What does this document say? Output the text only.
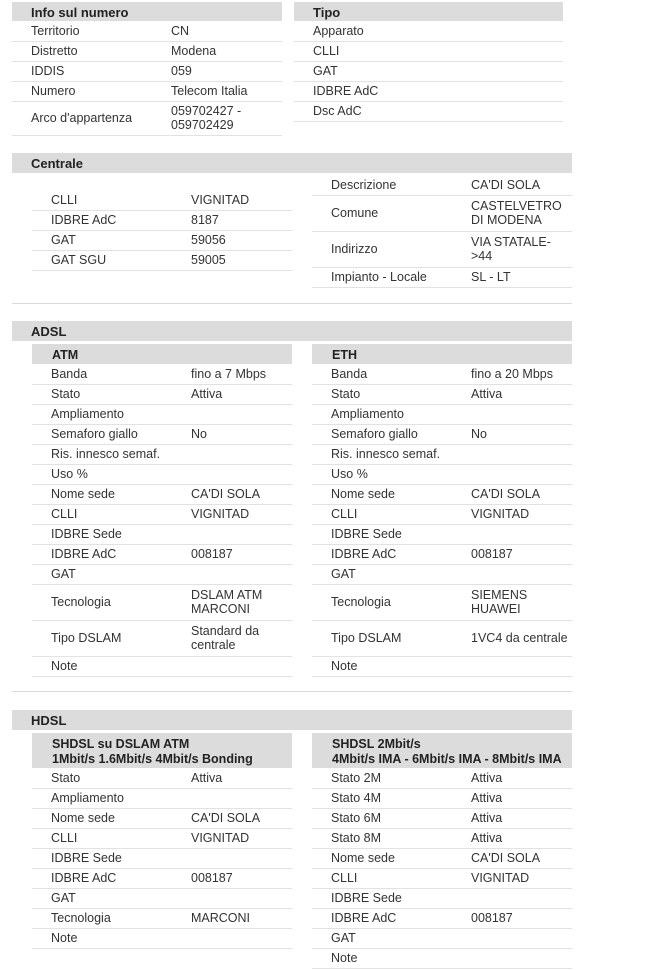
Info sul numero
Territorio	CN
Distretto	Modena
IDDIS	059
Numero	Telecom Italia
Arco d'appartenza	059702427 - 059702429
Tipo
Apparato	
CLLI	
GAT	
IDBRE AdC	
Dsc AdC	
Centrale
CLLI	VIGNITAD
IDBRE AdC	8187
GAT	59056
GAT SGU	59005
Descrizione	CA'DI SOLA
Comune	CASTELVETRO DI MODENA
Indirizzo	VIA STATALE- >44
Impianto - Locale	SL - LT
ADSL
ATM
Banda	fino a 7 Mbps
Stato	Attiva
Ampliamento	
Semaforo giallo	No
Ris. innesco semaf.	
Uso %	
Nome sede	CA'DI SOLA
CLLI	VIGNITAD
IDBRE Sede	
IDBRE AdC	008187
GAT	
Tecnologia	DSLAM ATM MARCONI
Tipo DSLAM	Standard da centrale
Note	
ETH
Banda	fino a 20 Mbps
Stato	Attiva
Ampliamento	
Semaforo giallo	No
Ris. innesco semaf.	
Uso %	
Nome sede	CA'DI SOLA
CLLI	VIGNITAD
IDBRE Sede	
IDBRE AdC	008187
GAT	
Tecnologia	SIEMENS HUAWEI
Tipo DSLAM	1VC4 da centrale
Note	
HDSL
SHDSL su DSLAM ATM
1Mbit/s 1.6Mbit/s 4Mbit/s Bonding
Stato	Attiva
Ampliamento	
Nome sede	CA'DI SOLA
CLLI	VIGNITAD
IDBRE Sede	
IDBRE AdC	008187
GAT	
Tecnologia	MARCONI
Note	
SHDSL 2Mbit/s
4Mbit/s IMA - 6Mbit/s IMA - 8Mbit/s IMA
Stato 2M	Attiva
Stato 4M	Attiva
Stato 6M	Attiva
Stato 8M	Attiva
Nome sede	CA'DI SOLA
CLLI	VIGNITAD
IDBRE Sede	
IDBRE AdC	008187
GAT	
Note	
